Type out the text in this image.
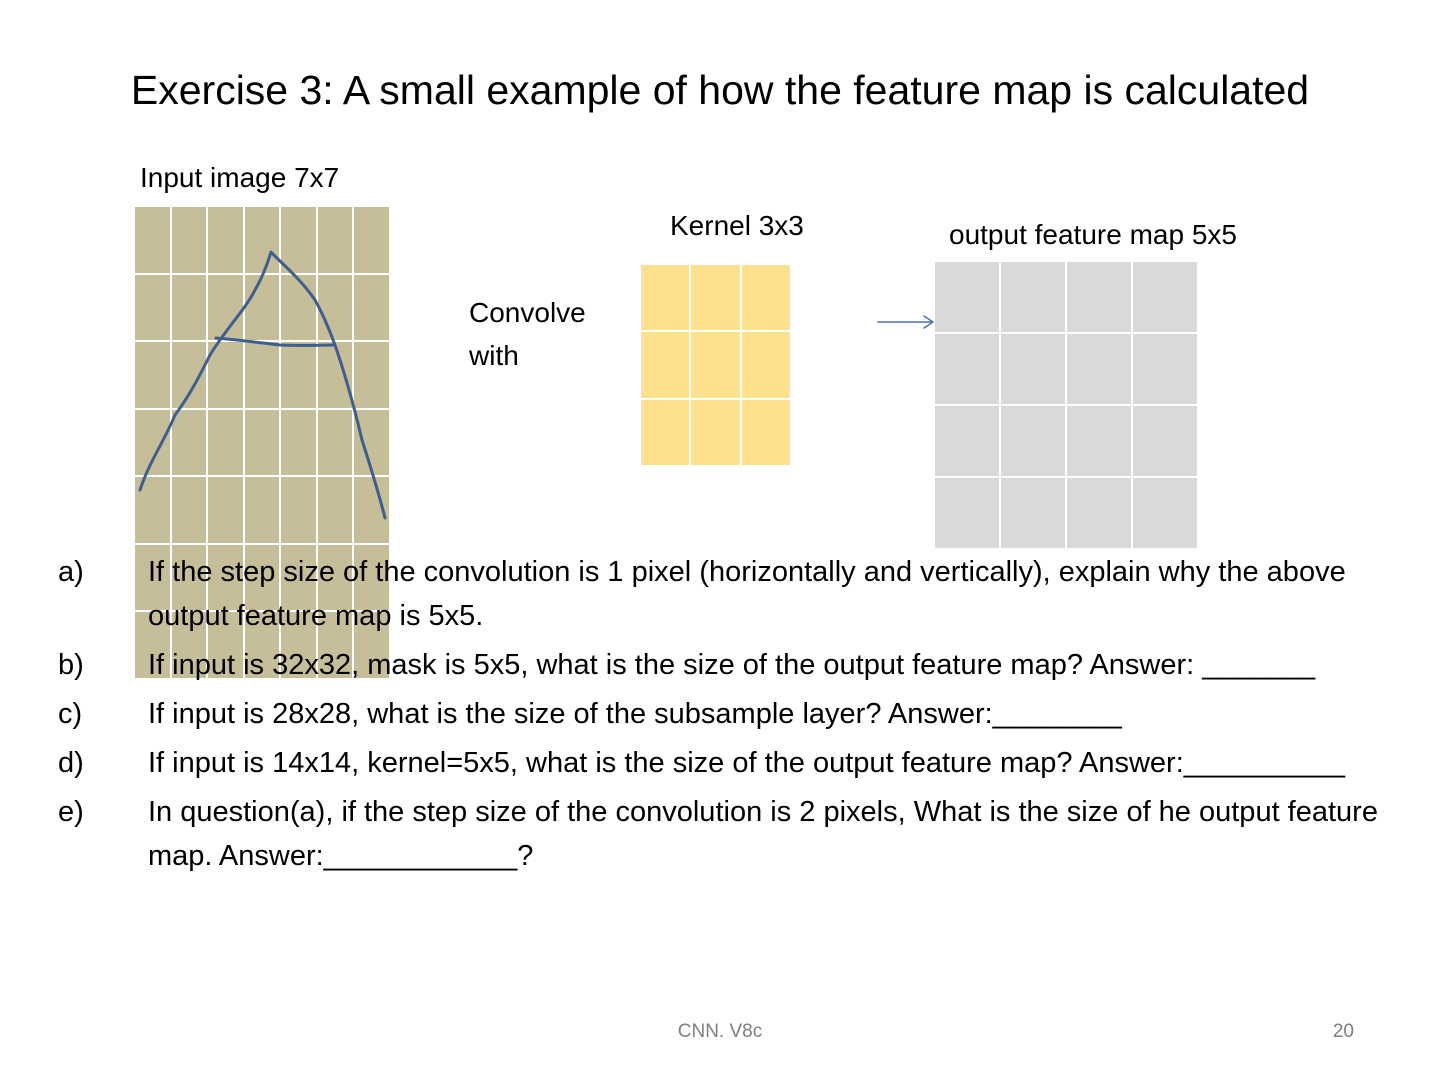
Exercise 3: A small example of how the feature map is calculated
Input image 7x7
Kernel 3x3	output feature map 5x5
Convolve
with
a)	If the step size of the convolution is 1 pixel (horizontally and vertically), explain why the above output feature map is 5x5.
b)	If input is 32x32, mask is 5x5, what is the size of the output feature map? Answer: _______
c)	If input is 28x28, what is the size of the subsample layer? Answer:________
d)	If input is 14x14, kernel=5x5, what is the size of the output feature map? Answer:__________
e)	In question(a), if the step size of the convolution is 2 pixels, What is the size of he output feature map. Answer:____________?
CNN. V8c	20
